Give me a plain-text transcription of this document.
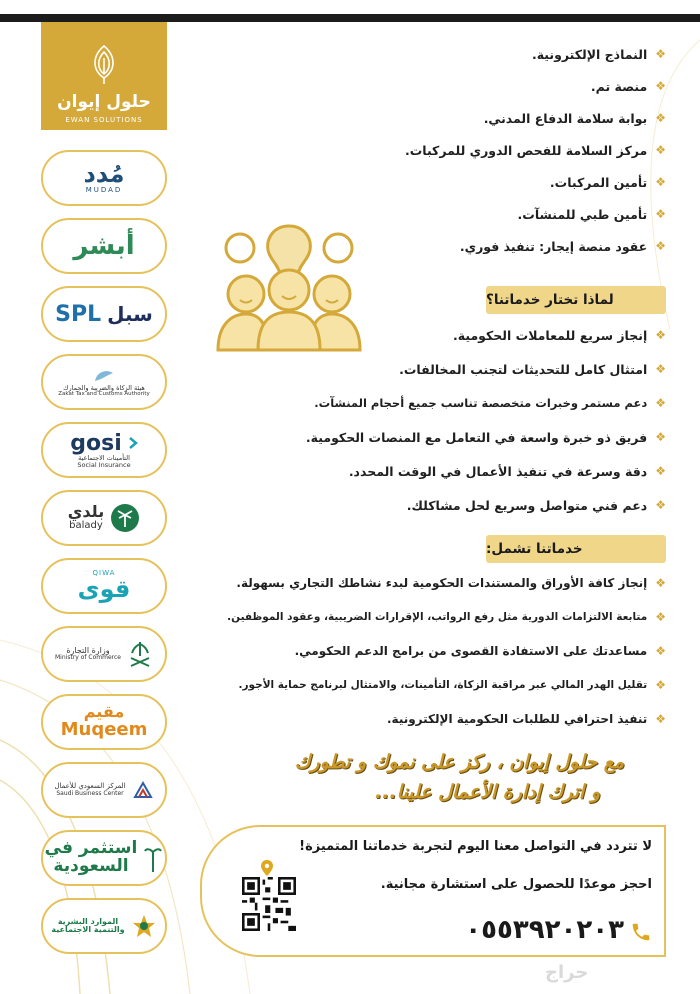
حلول إيوان
EWAN SOLUTIONS
مُدد
MUDAD
أبشر
SPL سبل
هيئة الزكاة والضريبة والجمارك
Zakat Tax and Customs Authority
gosi
التأمينات الاجتماعية
Social Insurance
بلدي
balady
QIWA
قوى
وزارة التجارة
Ministry of Commerce
مقيم
Muqeem
المركز السعودي للأعمال
Saudi Business Center
استثمر في
السعودية
الموارد البشرية
والتنمية الاجتماعية
❖
النماذج الإلكترونية.
❖
منصة تم.
❖
بوابة سلامة الدفاع المدني.
❖
مركز السلامة للفحص الدوري للمركبات.
❖
تأمين المركبات.
❖
تأمين طبي للمنشآت.
❖
عقود منصة إيجار: تنفيذ فوري.
لماذا تختار خدماتنا؟
❖
إنجاز سريع للمعاملات الحكومية.
❖
امتثال كامل للتحديثات لتجنب المخالفات.
❖
دعم مستمر وخبرات متخصصة تناسب جميع أحجام المنشآت.
❖
فريق ذو خبرة واسعة في التعامل مع المنصات الحكومية.
❖
دقة وسرعة في تنفيذ الأعمال في الوقت المحدد.
❖
دعم فني متواصل وسريع لحل مشاكلك.
خدماتنا تشمل:
❖
إنجاز كافة الأوراق والمستندات الحكومية لبدء نشاطك التجاري بسهولة.
❖
متابعة الالتزامات الدورية مثل رفع الرواتب، الإقرارات الضريبية، وعقود الموظفين.
❖
مساعدتك على الاستفادة القصوى من برامج الدعم الحكومي.
❖
تقليل الهدر المالي عبر مراقبة الزكاة، التأمينات، والامتثال لبرنامج حماية الأجور.
❖
تنفيذ احترافي للطلبات الحكومية الإلكترونية.
مع حلول إيوان ، ركز على نموك و تطورك
و اترك إدارة الأعمال علينا...
لا تتردد في التواصل معنا اليوم لتجربة خدماتنا المتميزة!
احجز موعدًا للحصول على استشارة مجانية.
٠٥٥٣٩٢٠٢٠٣
حراج
